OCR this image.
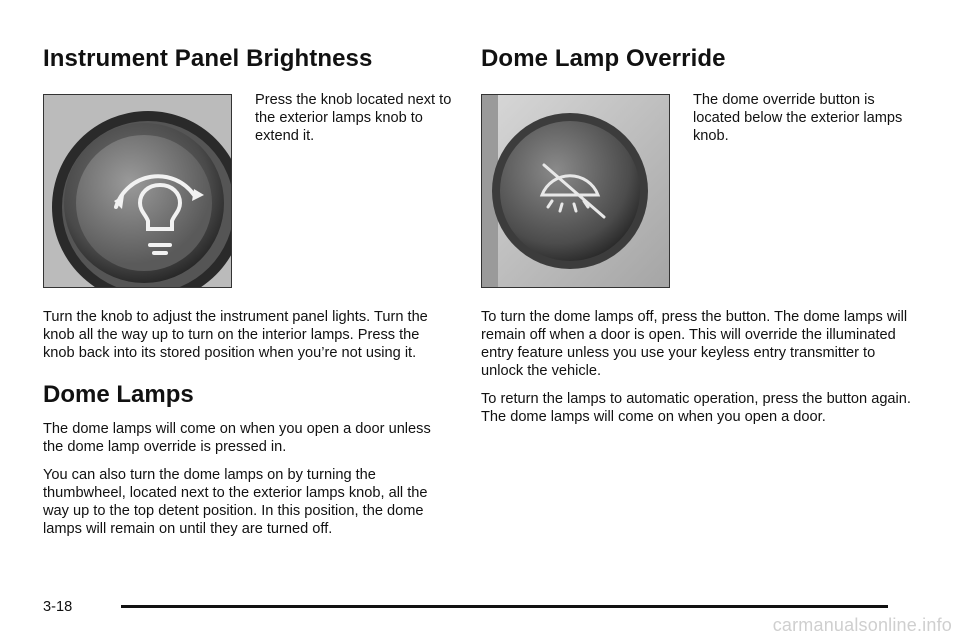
Instrument Panel Brightness

Press the knob located next to the exterior lamps knob to extend it.

Turn the knob to adjust the instrument panel lights. Turn the knob all the way up to turn on the interior lamps. Press the knob back into its stored position when you’re not using it.

Dome Lamps

The dome lamps will come on when you open a door unless the dome lamp override is pressed in.

You can also turn the dome lamps on by turning the thumbwheel, located next to the exterior lamps knob, all the way up to the top detent position. In this position, the dome lamps will remain on until they are turned off.

Dome Lamp Override

The dome override button is located below the exterior lamps knob.

To turn the dome lamps off, press the button. The dome lamps will remain off when a door is open. This will override the illuminated entry feature unless you use your keyless entry transmitter to unlock the vehicle.

To return the lamps to automatic operation, press the button again. The dome lamps will come on when you open a door.

3-18
carmanualsonline.info
